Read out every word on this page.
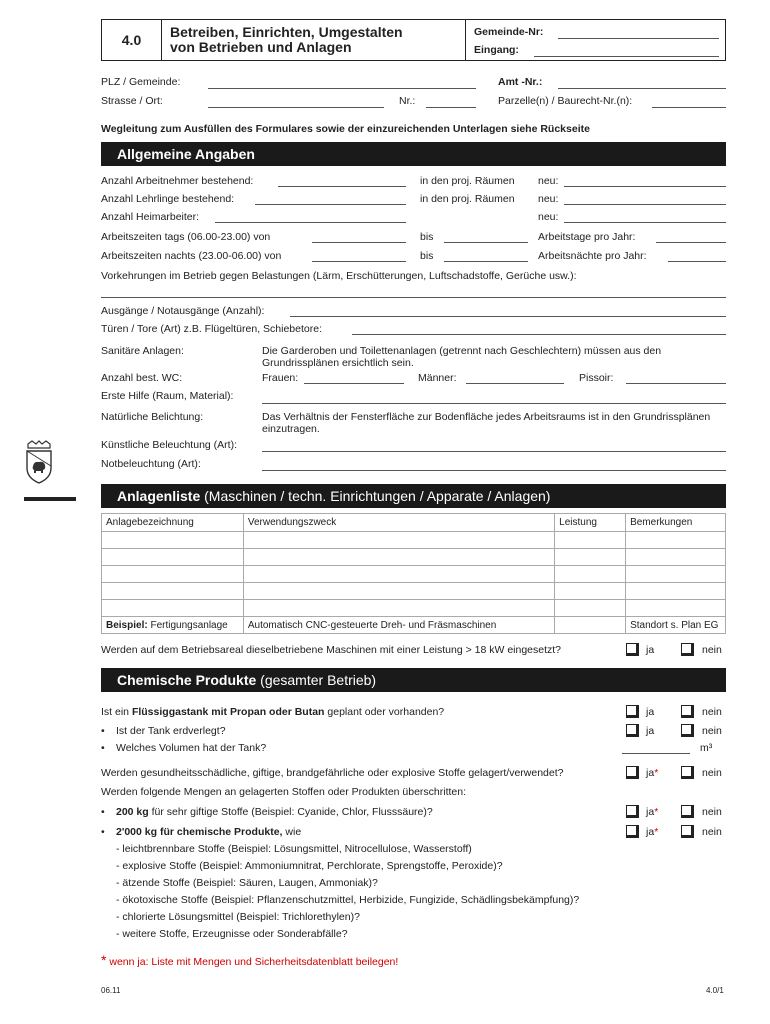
4.0	Betreiben, Einrichten, Umgestalten
von Betrieben und Anlagen
Gemeinde-Nr:
Eingang:
PLZ / Gemeinde:	Amt -Nr.:
Strasse / Ort:	Nr.:	Parzelle(n) / Baurecht-Nr.(n):
Wegleitung zum Ausfüllen des Formulares sowie der einzureichenden Unterlagen siehe Rückseite
Allgemeine Angaben
Anzahl Arbeitnehmer bestehend:	in den proj. Räumen neu:
Anzahl Lehrlinge bestehend:	in den proj. Räumen neu:
Anzahl Heimarbeiter:	neu:
Arbeitszeiten tags (06.00-23.00) von	bis	Arbeitstage pro Jahr:
Arbeitszeiten nachts (23.00-06.00) von	bis	Arbeitsnächte pro Jahr:
Vorkehrungen im Betrieb gegen Belastungen (Lärm, Erschütterungen, Luftschadstoffe, Gerüche usw.):
Ausgänge / Notausgänge (Anzahl):
Türen / Tore (Art) z.B. Flügeltüren, Schiebetore:
Sanitäre Anlagen:	Die Garderoben und Toilettenanlagen (getrennt nach Geschlechtern) müssen aus den Grundrissplänen ersichtlich sein.
Anzahl best. WC:	Frauen:	Männer:	Pissoir:
Erste Hilfe (Raum, Material):
Natürliche Belichtung:	Das Verhältnis der Fensterfläche zur Bodenfläche jedes Arbeitsraums ist in den Grundrissplänen einzutragen.
Künstliche Beleuchtung (Art):
Notbeleuchtung (Art):
Anlagenliste (Maschinen / techn. Einrichtungen / Apparate / Anlagen)
Anlagebezeichnung	Verwendungszweck	Leistung	Bemerkungen

Beispiel: Fertigungsanlage	Automatisch CNC-gesteuerte Dreh- und Fräsmaschinen		Standort s. Plan EG
Werden auf dem Betriebsareal dieselbetriebene Maschinen mit einer Leistung > 18 kW eingesetzt?	ja	nein
Chemische Produkte (gesamter Betrieb)
Ist ein Flüssiggastank mit Propan oder Butan geplant oder vorhanden?	ja	nein
• Ist der Tank erdverlegt?	ja	nein
• Welches Volumen hat der Tank?	m³
Werden gesundheitsschädliche, giftige, brandgefährliche oder explosive Stoffe gelagert/verwendet?	ja*	nein
Werden folgende Mengen an gelagerten Stoffen oder Produkten überschritten:
• 200 kg für sehr giftige Stoffe (Beispiel: Cyanide, Chlor, Flusssäure)?	ja*	nein
• 2'000 kg für chemische Produkte, wie	ja*	nein
- leichtbrennbare Stoffe (Beispiel: Lösungsmittel, Nitrocellulose, Wasserstoff)
- explosive Stoffe (Beispiel: Ammoniumnitrat, Perchlorate, Sprengstoffe, Peroxide)?
- ätzende Stoffe (Beispiel: Säuren, Laugen, Ammoniak)?
- ökotoxische Stoffe (Beispiel: Pflanzenschutzmittel, Herbizide, Fungizide, Schädlingsbekämpfung)?
- chlorierte Lösungsmittel (Beispiel: Trichlorethylen)?
- weitere Stoffe, Erzeugnisse oder Sonderabfälle?
* wenn ja: Liste mit Mengen und Sicherheitsdatenblatt beilegen!
06.11	4.0/1
